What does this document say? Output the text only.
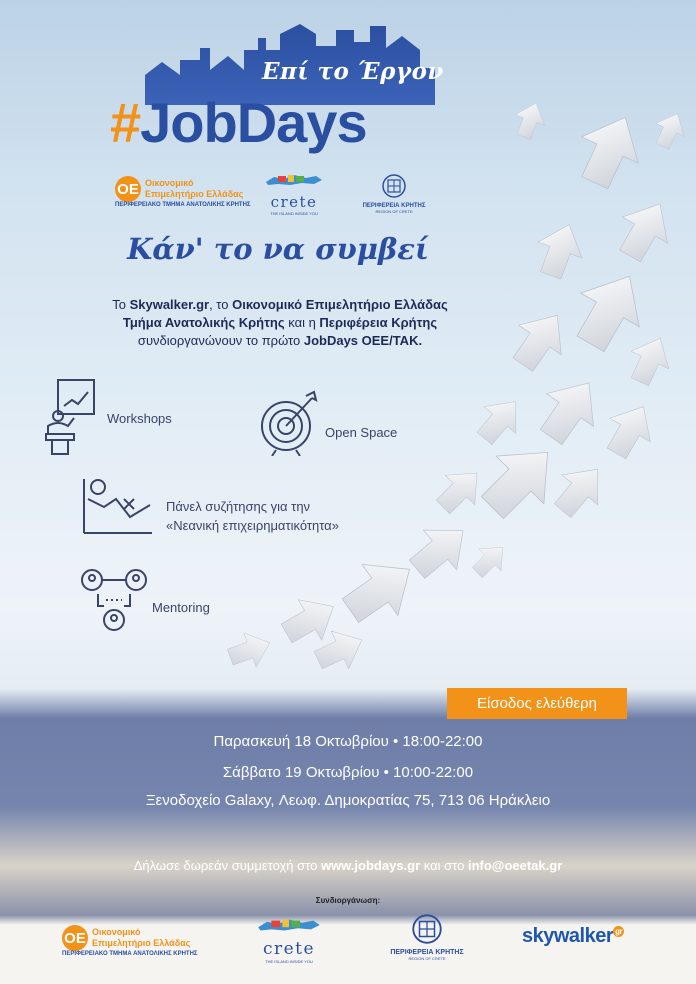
Επί το Έργον
#JobDays
ΟΕ Οικονομικό
Επιμελητήριο Ελλάδας
ΠΕΡΙΦΕΡΕΙΑΚΟ ΤΜΗΜΑ ΑΝΑΤΟΛΙΚΗΣ ΚΡΗΤΗΣ	crete
THE ISLAND INSIDE YOU
ΠΕΡΙΦΕΡΕΙΑ ΚΡΗΤΗΣ
REGION OF CRETE
Κάν' το να συμβεί
Το Skywalker.gr, το Οικονομικό Επιμελητήριο Ελλάδας
Τμήμα Ανατολικής Κρήτης και η Περιφέρεια Κρήτης
συνδιοργανώνουν το πρώτο JobDays ΟΕΕ/ΤΑΚ.
Workshops
Open Space
Πάνελ συζήτησης για την
«Νεανική επιχειρηματικότητα»
Mentoring
Είσοδος ελεύθερη
Παρασκευή 18 Οκτωβρίου • 18:00-22:00
Σάββατο 19 Οκτωβρίου • 10:00-22:00
Ξενοδοχείο Galaxy, Λεωφ. Δημοκρατίας 75, 713 06 Ηράκλειο
Δήλωσε δωρεάν συμμετοχή στο www.jobdays.gr και στο info@oeetak.gr
Συνδιοργάνωση:
ΟΕ Οικονομικό
Επιμελητήριο Ελλάδας
ΠΕΡΙΦΕΡΕΙΑΚΟ ΤΜΗΜΑ ΑΝΑΤΟΛΙΚΗΣ ΚΡΗΤΗΣ	crete
THE ISLAND INSIDE YOU
ΠΕΡΙΦΕΡΕΙΑ ΚΡΗΤΗΣ
REGION OF CRETE
skywalker $^{gr}$
